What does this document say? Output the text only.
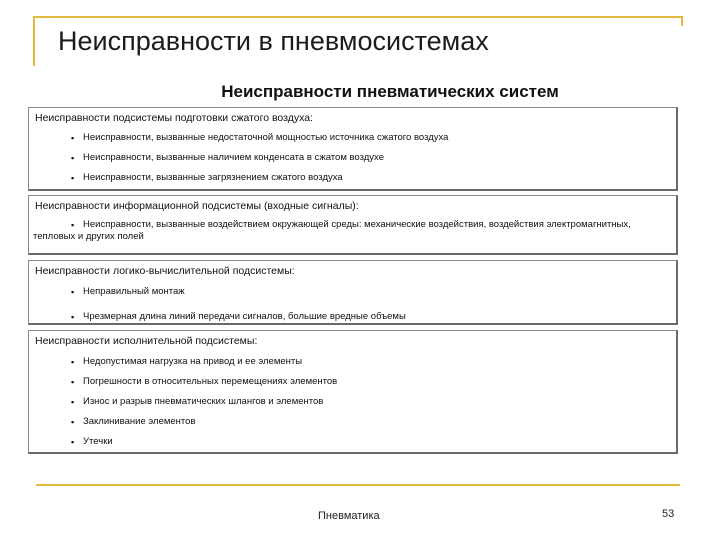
Неисправности в пневмосистемах
Неисправности пневматических систем
Неисправности подсистемы подготовки сжатого воздуха:
▪ Неисправности, вызванные недостаточной мощностью источника сжатого воздуха
▪ Неисправности, вызванные наличием конденсата в сжатом воздухе
▪ Неисправности, вызванные загрязнением сжатого воздуха
Неисправности информационной подсистемы (входные сигналы):
▪ Неисправности, вызванные воздействием окружающей среды: механические воздействия, воздействия электромагнитных, тепловых и других полей
Неисправности логико-вычислительной подсистемы:
▪ Неправильный монтаж
▪ Чрезмерная длина линий передачи сигналов, большие вредные объемы
Неисправности исполнительной подсистемы:
▪ Недопустимая нагрузка на привод и ее элементы
▪ Погрешности в относительных перемещениях элементов
▪ Износ и разрыв пневматических шлангов и элементов
▪ Заклинивание элементов
▪ Утечки
Пневматика	53
